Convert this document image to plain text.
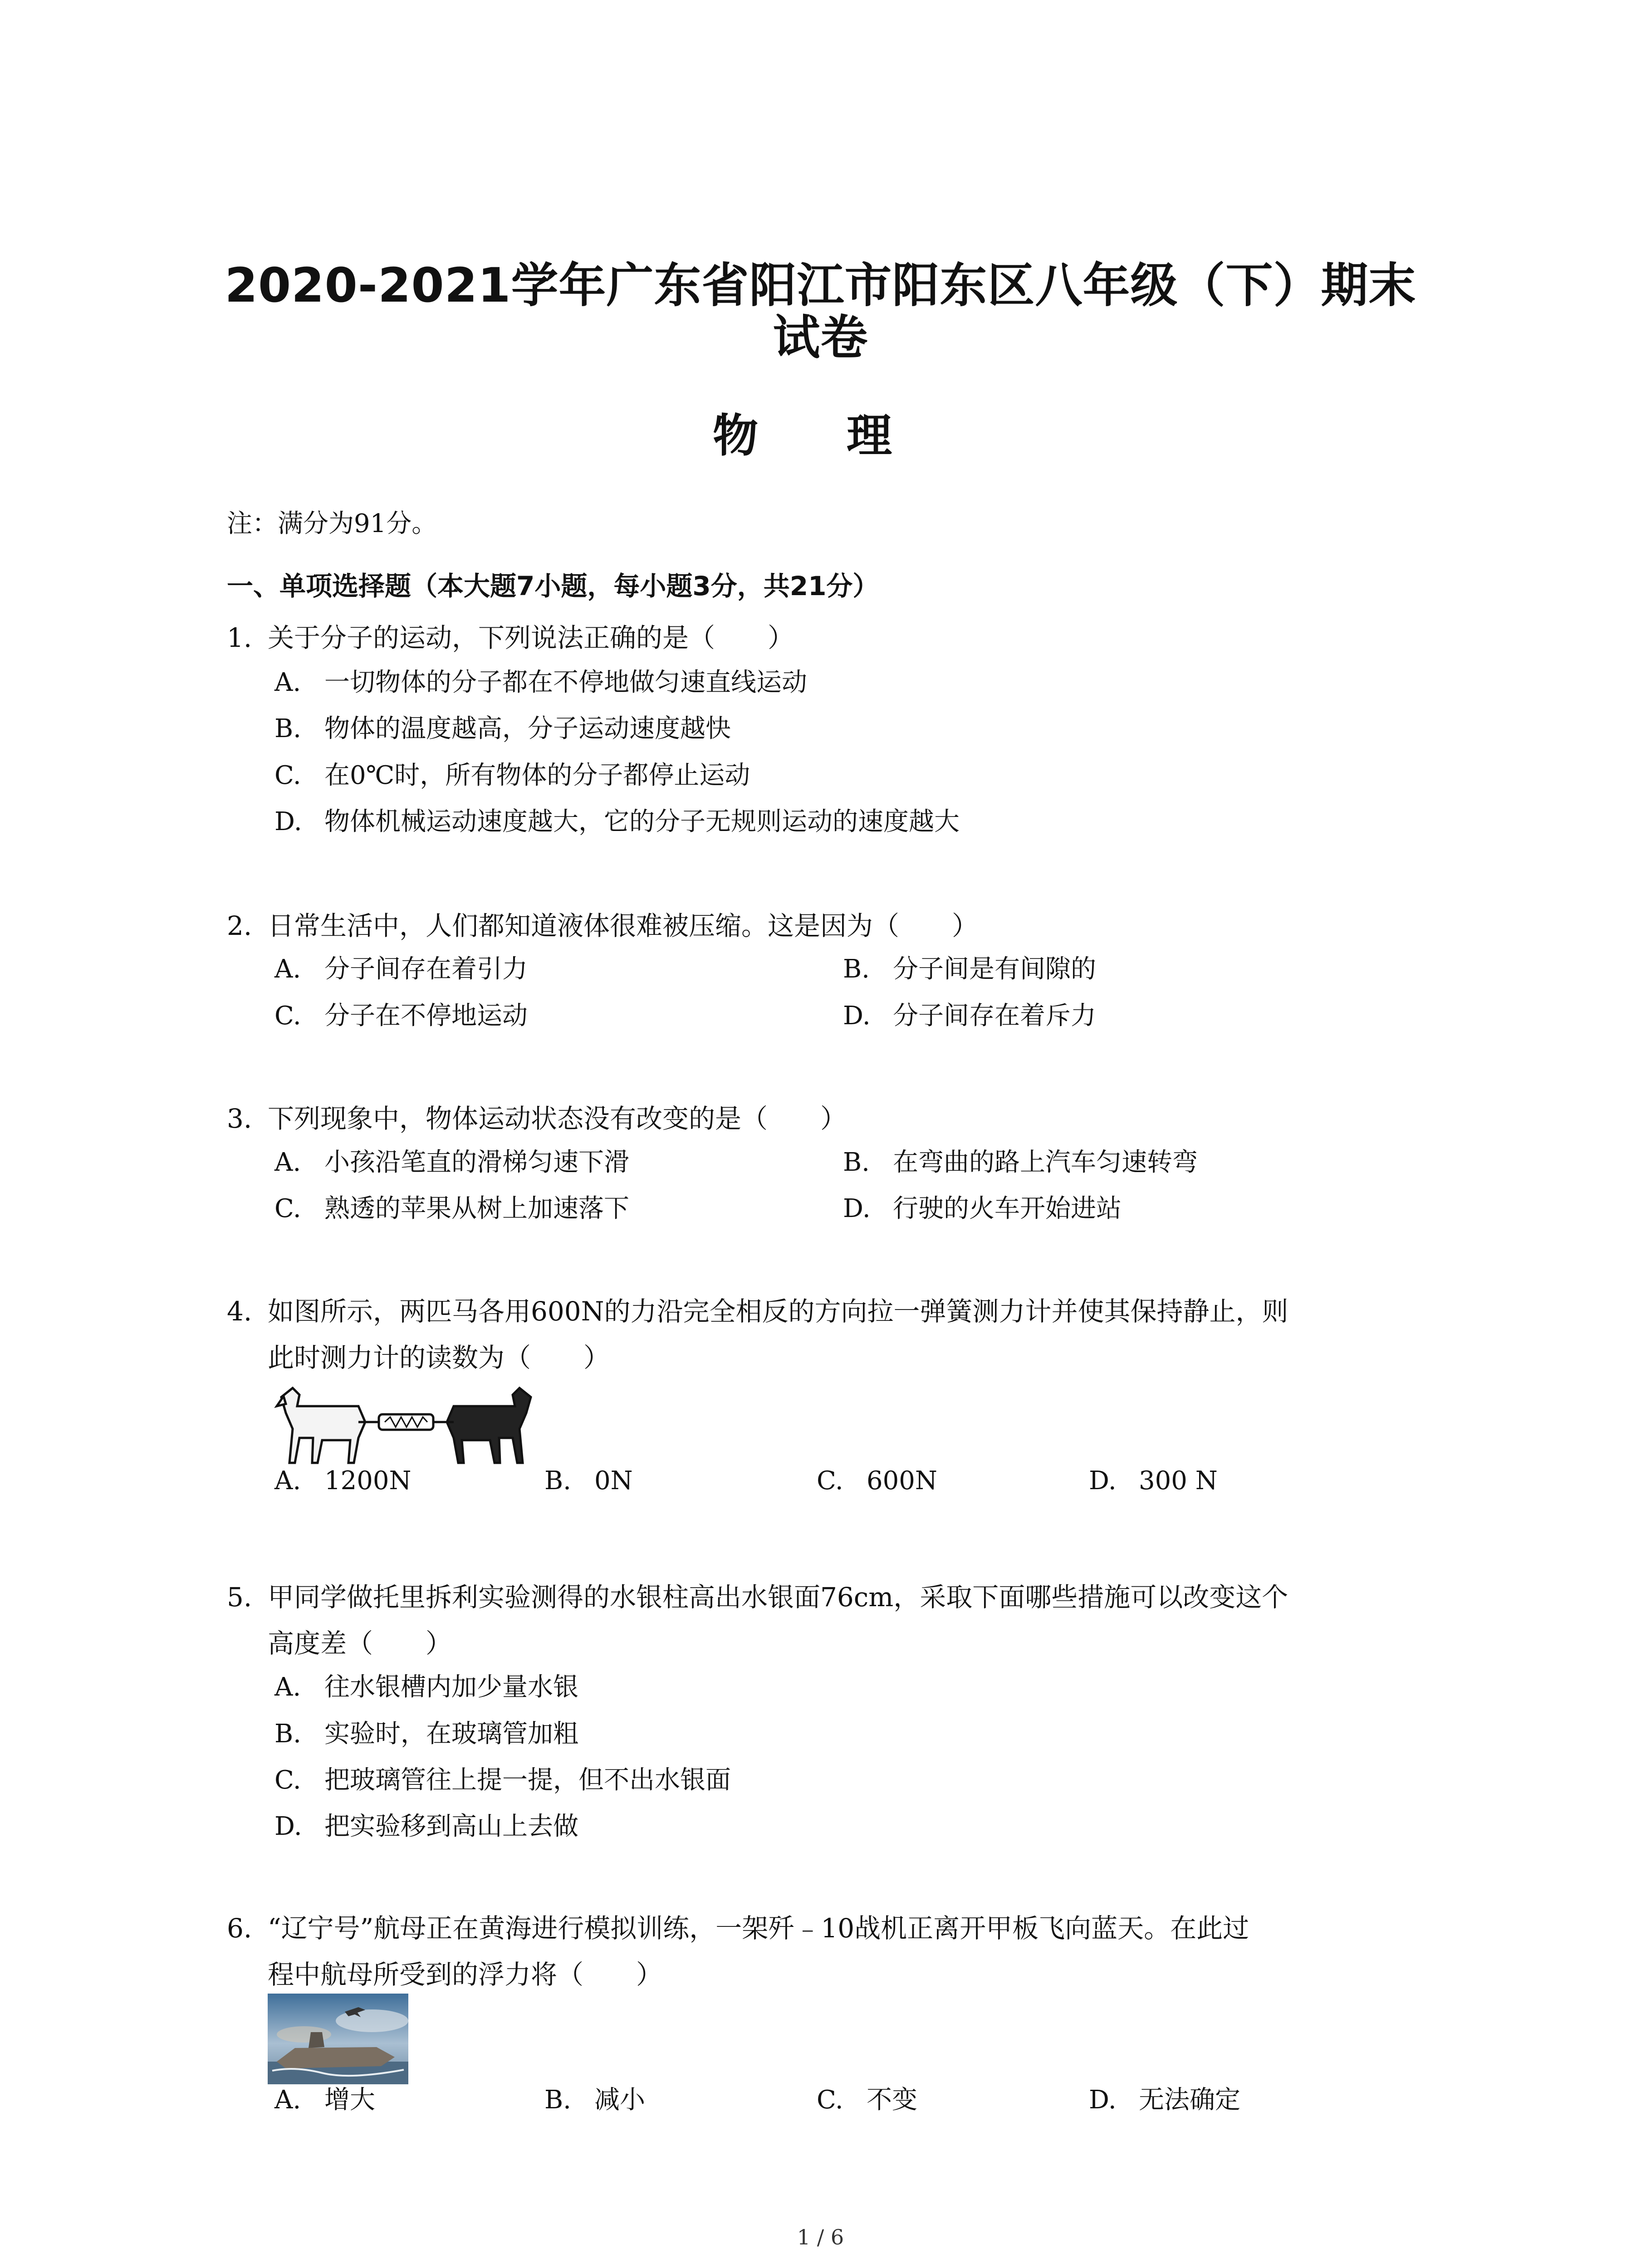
2020-2021学年广东省阳江市阳东区八年级（下）期末
试卷
物 理
注：满分为91分。
一、单项选择题（本大题7小题，每小题3分，共21分）
1. 关于分子的运动，下列说法正确的是（　　）
A. 一切物体的分子都在不停地做匀速直线运动
B. 物体的温度越高，分子运动速度越快
C. 在0℃时，所有物体的分子都停止运动
D. 物体机械运动速度越大，它的分子无规则运动的速度越大
2. 日常生活中，人们都知道液体很难被压缩。这是因为（　　）
A. 分子间存在着引力	B. 分子间是有间隙的
C. 分子在不停地运动	D. 分子间存在着斥力
3. 下列现象中，物体运动状态没有改变的是（　　）
A. 小孩沿笔直的滑梯匀速下滑	B. 在弯曲的路上汽车匀速转弯
C. 熟透的苹果从树上加速落下	D. 行驶的火车开始进站
4. 如图所示，两匹马各用600N的力沿完全相反的方向拉一弹簧测力计并使其保持静止，则
此时测力计的读数为（　　）
A. 1200N	B. 0N	C. 600N	D. 300 N
5. 甲同学做托里拆利实验测得的水银柱高出水银面76cm，采取下面哪些措施可以改变这个
高度差（　　）
A. 往水银槽内加少量水银
B. 实验时，在玻璃管加粗
C. 把玻璃管往上提一提，但不出水银面
D. 把实验移到高山上去做
6. “辽宁号”航母正在黄海进行模拟训练，一架歼﹣10战机正离开甲板飞向蓝天。在此过
程中航母所受到的浮力将（　　）
A. 增大	B. 减小	C. 不变	D. 无法确定
1 / 6
